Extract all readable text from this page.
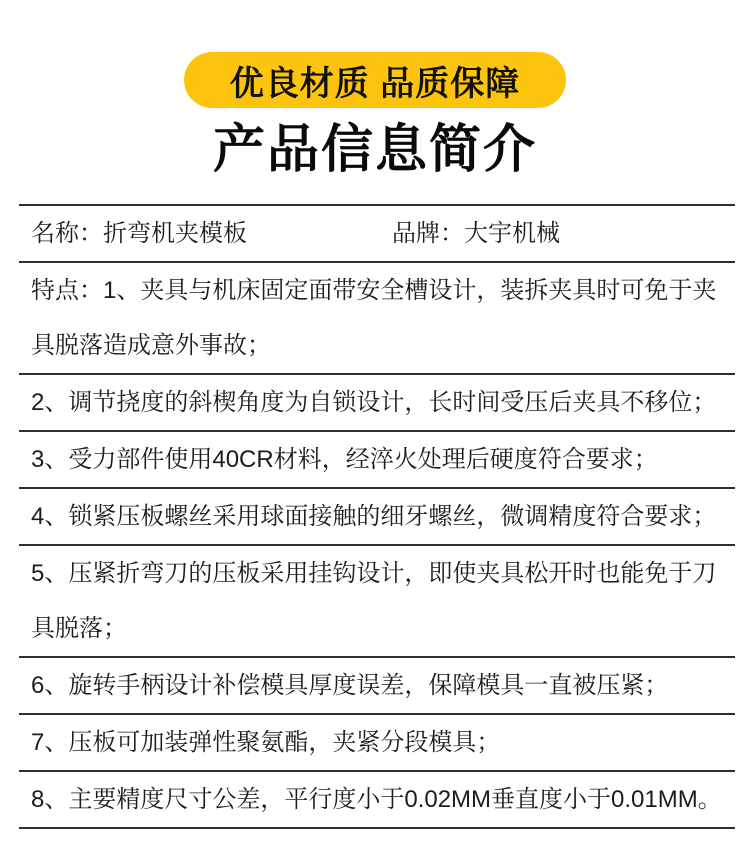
优良材质 品质保障
产品信息简介
名称：折弯机夹模板	品牌：大宇机械
特点：1、夹具与机床固定面带安全槽设计，装拆夹具时可免于夹具脱落造成意外事故；
2、调节挠度的斜楔角度为自锁设计，长时间受压后夹具不移位；
3、受力部件使用40CR材料，经淬火处理后硬度符合要求；
4、锁紧压板螺丝采用球面接触的细牙螺丝，微调精度符合要求；
5、压紧折弯刀的压板采用挂钩设计，即使夹具松开时也能免于刀具脱落；
6、旋转手柄设计补偿模具厚度误差，保障模具一直被压紧；
7、压板可加装弹性聚氨酯，夹紧分段模具；
8、主要精度尺寸公差，平行度小于0.02MM垂直度小于0.01MM。
